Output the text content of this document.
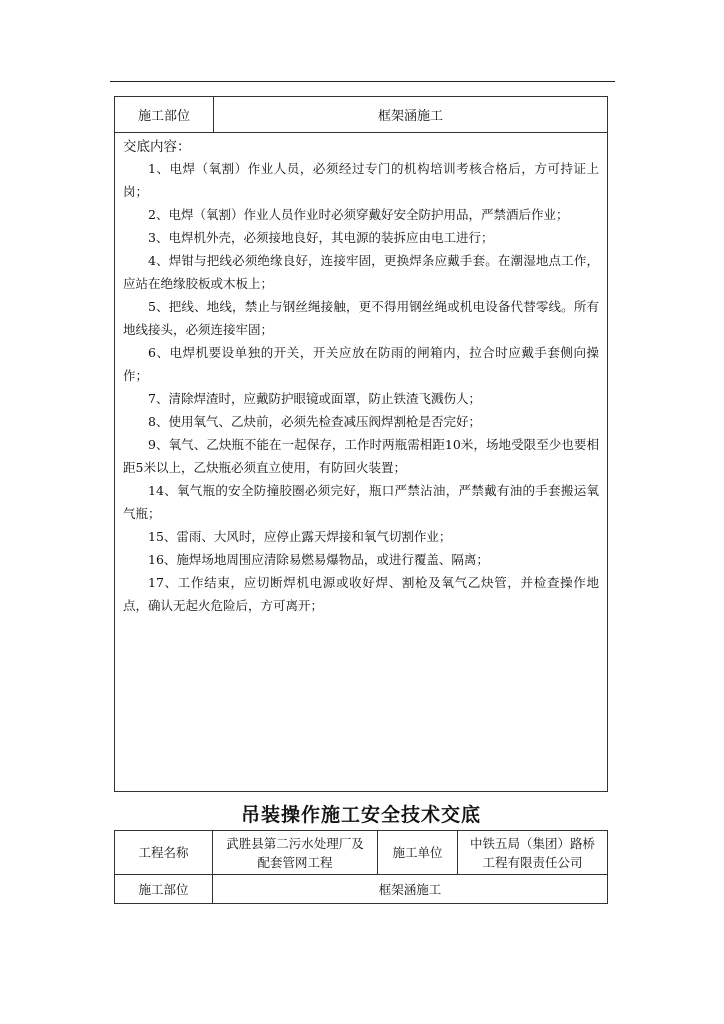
施工部位	框架涵施工
交底内容：

1、电焊（氧割）作业人员，必须经过专门的机构培训考核合格后，方可持证上岗；

2、电焊（氧割）作业人员作业时必须穿戴好安全防护用品，严禁酒后作业；

3、电焊机外壳，必须接地良好，其电源的装拆应由电工进行；

4、焊钳与把线必须绝缘良好，连接牢固，更换焊条应戴手套。在潮湿地点工作，应站在绝缘胶板或木板上；

5、把线、地线，禁止与钢丝绳接触，更不得用钢丝绳或机电设备代替零线。所有地线接头，必须连接牢固；

6、电焊机要设单独的开关，开关应放在防雨的闸箱内，拉合时应戴手套侧向操作；

7、清除焊渣时，应戴防护眼镜或面罩，防止铁渣飞溅伤人；

8、使用氧气、乙炔前，必须先检查减压阀焊割枪是否完好；

9、氧气、乙炔瓶不能在一起保存，工作时两瓶需相距10米，场地受限至少也要相距5米以上，乙炔瓶必须直立使用，有防回火装置；

14、氧气瓶的安全防撞胶圈必须完好，瓶口严禁沾油，严禁戴有油的手套搬运氧气瓶；

15、雷雨、大风时，应停止露天焊接和氧气切割作业；

16、施焊场地周围应清除易燃易爆物品，或进行覆盖、隔离；

17、工作结束，应切断焊机电源或收好焊、割枪及氧气乙炔管，并检查操作地点，确认无起火危险后，方可离开；

吊装操作施工安全技术交底
工程名称
武胜县第二污水处理厂及配套管网工程
施工单位
中铁五局（集团）路桥工程有限责任公司
施工部位	框架涵施工
